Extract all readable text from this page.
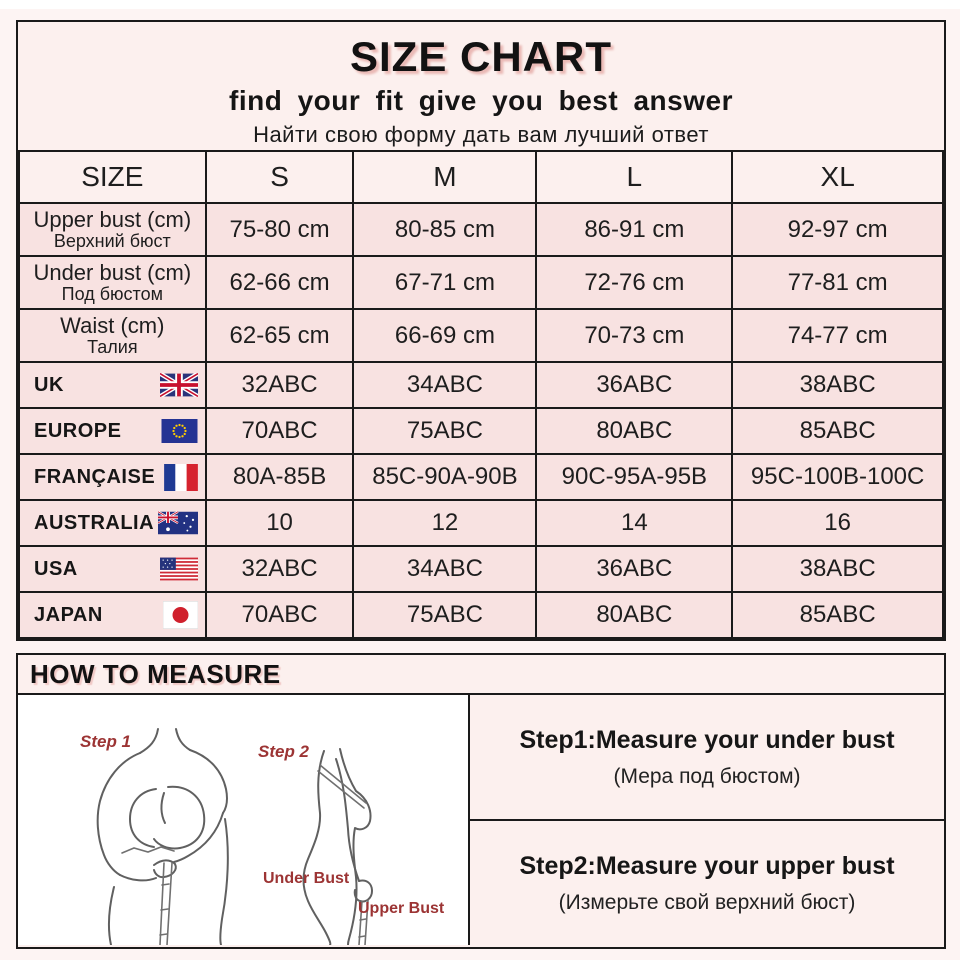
SIZE CHART
find your fit give you best answer
Найти свою форму дать вам лучший ответ
SIZE	S	M	L	XL

Upper bust (cm)
Верхний бюст	75-80 cm	80-85 cm	86-91 cm	92-97 cm

Under bust (cm)
Под бюстом	62-66 cm	67-71 cm	72-76 cm	77-81 cm

Waist (cm)
Талия	62-65 cm	66-69 cm	70-73 cm	74-77 cm

UK	32ABC	34ABC	36ABC	38ABC

EUROPE	70ABC	75ABC	80ABC	85ABC

FRANÇAISE	80A-85B	85C-90A-90B	90C-95A-95B	95C-100B-100C

AUSTRALIA	10	12	14	16

USA	32ABC	34ABC	36ABC	38ABC

JAPAN	70ABC	75ABC	80ABC	85ABC
HOW TO MEASURE
Step 1
Step 2
Under Bust
Upper Bust
Step1:Measure your under bust
(Мера под бюстом)
Step2:Measure your upper bust
(Измерьте свой верхний бюст)
